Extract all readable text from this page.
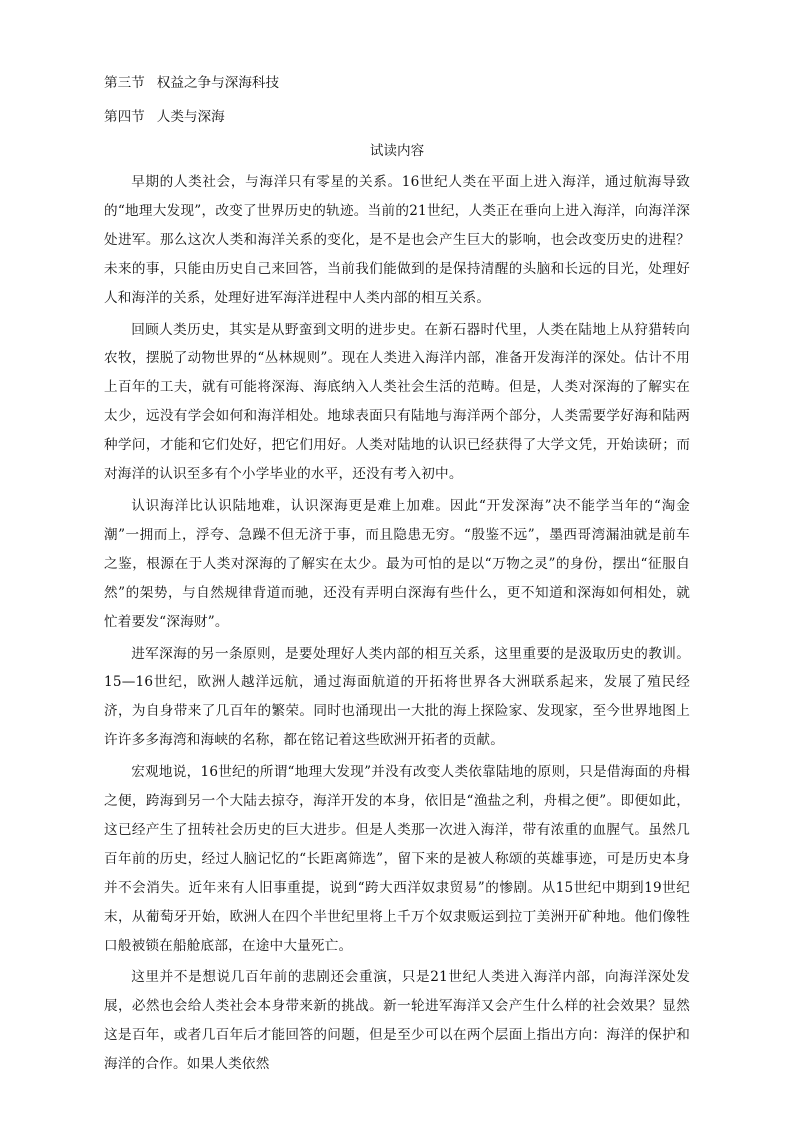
第三节 权益之争与深海科技
第四节 人类与深海
试读内容

早期的人类社会，与海洋只有零星的关系。16世纪人类在平面上进入海洋，通过航海导致的“地理大发现”，改变了世界历史的轨迹。当前的21世纪，人类正在垂向上进入海洋，向海洋深处进军。那么这次人类和海洋关系的变化，是不是也会产生巨大的影响，也会改变历史的进程？未来的事，只能由历史自己来回答，当前我们能做到的是保持清醒的头脑和长远的目光，处理好人和海洋的关系，处理好进军海洋进程中人类内部的相互关系。

回顾人类历史，其实是从野蛮到文明的进步史。在新石器时代里，人类在陆地上从狩猎转向农牧，摆脱了动物世界的“丛林规则”。现在人类进入海洋内部，准备开发海洋的深处。估计不用上百年的工夫，就有可能将深海、海底纳入人类社会生活的范畴。但是，人类对深海的了解实在太少，远没有学会如何和海洋相处。地球表面只有陆地与海洋两个部分，人类需要学好海和陆两种学问，才能和它们处好，把它们用好。人类对陆地的认识已经获得了大学文凭，开始读研；而对海洋的认识至多有个小学毕业的水平，还没有考入初中。

认识海洋比认识陆地难，认识深海更是难上加难。因此“开发深海”决不能学当年的“淘金潮”一拥而上，浮夸、急躁不但无济于事，而且隐患无穷。“殷鉴不远”，墨西哥湾漏油就是前车之鉴，根源在于人类对深海的了解实在太少。最为可怕的是以“万物之灵”的身份，摆出“征服自然”的架势，与自然规律背道而驰，还没有弄明白深海有些什么，更不知道和深海如何相处，就忙着要发“深海财”。

进军深海的另一条原则，是要处理好人类内部的相互关系，这里重要的是汲取历史的教训。15—16世纪，欧洲人越洋远航，通过海面航道的开拓将世界各大洲联系起来，发展了殖民经济，为自身带来了几百年的繁荣。同时也涌现出一大批的海上探险家、发现家，至今世界地图上许许多多海湾和海峡的名称，都在铭记着这些欧洲开拓者的贡献。

宏观地说，16世纪的所谓“地理大发现”并没有改变人类依靠陆地的原则，只是借海面的舟楫之便，跨海到另一个大陆去掠夺，海洋开发的本身，依旧是“渔盐之利，舟楫之便”。即便如此，这已经产生了扭转社会历史的巨大进步。但是人类那一次进入海洋，带有浓重的血腥气。虽然几百年前的历史，经过人脑记忆的“长距离筛选”，留下来的是被人称颂的英雄事迹，可是历史本身并不会消失。近年来有人旧事重提，说到“跨大西洋奴隶贸易”的惨剧。从15世纪中期到19世纪末，从葡萄牙开始，欧洲人在四个半世纪里将上千万个奴隶贩运到拉丁美洲开矿种地。他们像牲口般被锁在船舱底部，在途中大量死亡。

这里并不是想说几百年前的悲剧还会重演，只是21世纪人类进入海洋内部，向海洋深处发展，必然也会给人类社会本身带来新的挑战。新一轮进军海洋又会产生什么样的社会效果？显然这是百年，或者几百年后才能回答的问题，但是至少可以在两个层面上指出方向：海洋的保护和海洋的合作。如果人类依然
